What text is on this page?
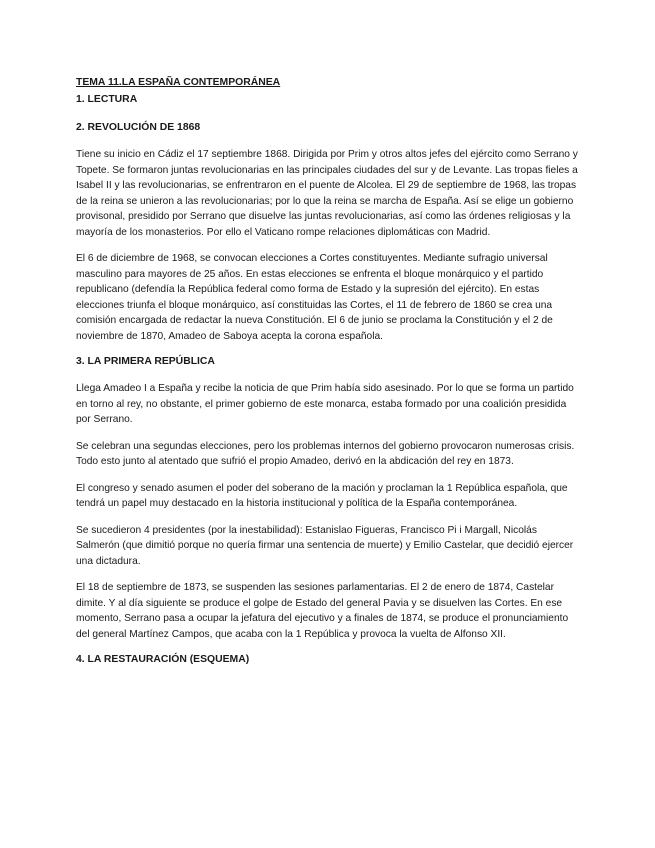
TEMA 11.LA ESPAÑA CONTEMPORÁNEA

1. LECTURA

2. REVOLUCIÓN DE 1868

Tiene su inicio en Cádiz el 17 septiembre 1868. Dirigida por Prim y otros altos jefes del ejército como Serrano y Topete. Se formaron juntas revolucionarias en las principales ciudades del sur y de Levante. Las tropas fieles a Isabel II y las revolucionarias, se enfrentraron en el puente de Alcolea. El 29 de septiembre de 1968, las tropas de la reina se unieron a las revolucionarias; por lo que la reina se marcha de España. Así se elige un gobierno provisonal, presidido por Serrano que disuelve las juntas revolucionarias, así como las órdenes religiosas y la mayoría de los monasterios. Por ello el Vaticano rompe relaciones diplomáticas con Madrid.

El 6 de diciembre de 1968, se convocan elecciones a Cortes constituyentes. Mediante sufragio universal masculino para mayores de 25 años. En estas elecciones se enfrenta el bloque monárquico y el partido republicano (defendía la República federal como forma de Estado y la supresión del ejército). En estas elecciones triunfa el bloque monárquico, así constituidas las Cortes, el 11 de febrero de 1860 se crea una comisión encargada de redactar la nueva Constitución. El 6 de junio se proclama la Constitución y el 2 de noviembre de 1870, Amadeo de Saboya acepta la corona española.

3. LA PRIMERA REPÚBLICA

Llega Amadeo I a España y recibe la noticia de que Prim había sido asesinado. Por lo que se forma un partido en torno al rey, no obstante, el primer gobierno de este monarca, estaba formado por una coalición presidida por Serrano.

Se celebran una segundas elecciones, pero los problemas internos del gobierno provocaron numerosas crisis. Todo esto junto al atentado que sufrió el propio Amadeo, derivó en la abdicación del rey en 1873.

El congreso y senado asumen el poder del soberano de la mación y proclaman la 1 República española, que tendrá un papel muy destacado en la historia institucional y política de la España contemporánea.

Se sucedieron 4 presidentes (por la inestabilidad): Estanislao Figueras, Francisco Pi i Margall, Nicolás Salmerón (que dimitió porque no quería firmar una sentencia de muerte) y Emilio Castelar, que decidió ejercer una dictadura.

El 18 de septiembre de 1873, se suspenden las sesiones parlamentarias. El 2 de enero de 1874, Castelar dimite. Y al día siguiente se produce el golpe de Estado del general Pavia y se disuelven las Cortes. En ese momento, Serrano pasa a ocupar la jefatura del ejecutivo y a finales de 1874, se produce el pronunciamiento del general Martínez Campos, que acaba con la 1 República y provoca la vuelta de Alfonso XII.

4. LA RESTAURACIÓN (ESQUEMA)
